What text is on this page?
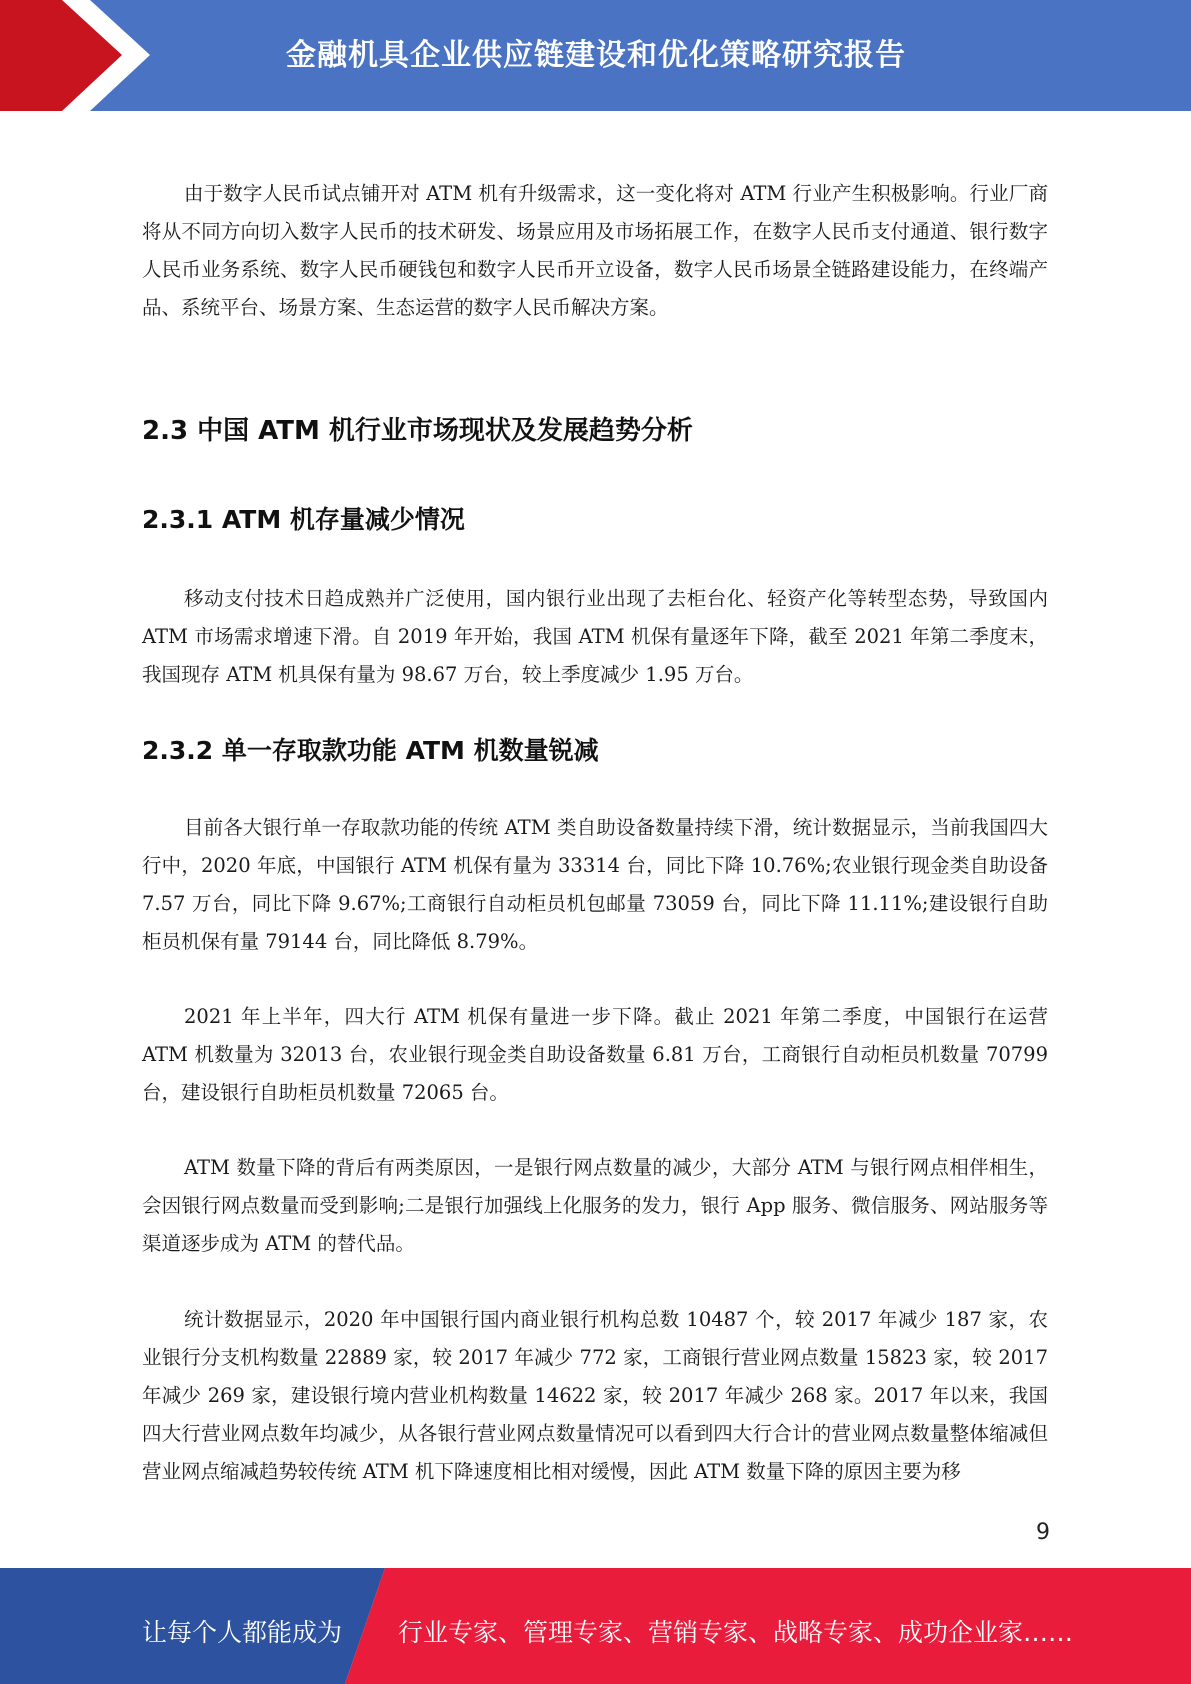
金融机具企业供应链建设和优化策略研究报告

由于数字人民币试点铺开对 ATM 机有升级需求，这一变化将对 ATM 行业产生积极影响。行业厂商将从不同方向切入数字人民币的技术研发、场景应用及市场拓展工作，在数字人民币支付通道、银行数字人民币业务系统、数字人民币硬钱包和数字人民币开立设备，数字人民币场景全链路建设能力，在终端产品、系统平台、场景方案、生态运营的数字人民币解决方案。

2.3 中国 ATM 机行业市场现状及发展趋势分析
2.3.1 ATM 机存量减少情况

移动支付技术日趋成熟并广泛使用，国内银行业出现了去柜台化、轻资产化等转型态势，导致国内 ATM 市场需求增速下滑。自 2019 年开始，我国 ATM 机保有量逐年下降，截至 2021 年第二季度末，我国现存 ATM 机具保有量为 98.67 万台，较上季度减少 1.95 万台。

2.3.2 单一存取款功能 ATM 机数量锐减

目前各大银行单一存取款功能的传统 ATM 类自助设备数量持续下滑，统计数据显示，当前我国四大行中，2020 年底，中国银行 ATM 机保有量为 33314 台，同比下降 10.76%;农业银行现金类自助设备 7.57 万台，同比下降 9.67%;工商银行自动柜员机包邮量 73059 台，同比下降 11.11%;建设银行自助柜员机保有量 79144 台，同比降低 8.79%。

2021 年上半年，四大行 ATM 机保有量进一步下降。截止 2021 年第二季度，中国银行在运营 ATM 机数量为 32013 台，农业银行现金类自助设备数量 6.81 万台，工商银行自动柜员机数量 70799 台，建设银行自助柜员机数量 72065 台。

ATM 数量下降的背后有两类原因，一是银行网点数量的减少，大部分 ATM 与银行网点相伴相生，会因银行网点数量而受到影响;二是银行加强线上化服务的发力，银行 App 服务、微信服务、网站服务等渠道逐步成为 ATM 的替代品。

统计数据显示，2020 年中国银行国内商业银行机构总数 10487 个，较 2017 年减少 187 家，农业银行分支机构数量 22889 家，较 2017 年减少 772 家，工商银行营业网点数量 15823 家，较 2017 年减少 269 家，建设银行境内营业机构数量 14622 家，较 2017 年减少 268 家。2017 年以来，我国四大行营业网点数年均减少，从各银行营业网点数量情况可以看到四大行合计的营业网点数量整体缩减但营业网点缩减趋势较传统 ATM 机下降速度相比相对缓慢，因此 ATM 数量下降的原因主要为移

9
让每个人都能成为 行业专家、管理专家、营销专家、战略专家、成功企业家……
